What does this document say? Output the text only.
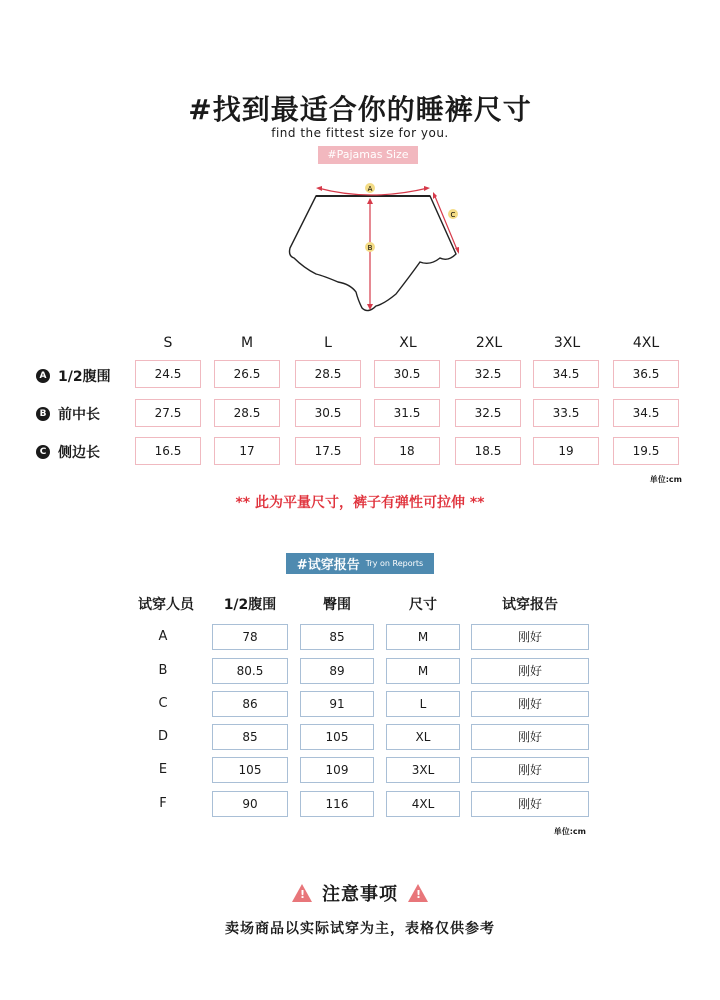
#找到最适合你的睡裤尺寸
find the fittest size for you.
#Pajamas Size
A
B
C
S	M	L	XL	2XL	3XL	4XL
A 1/2腹围	24.5	26.5	28.5	30.5	32.5	34.5	36.5
B 前中长	27.5	28.5	30.5	31.5	32.5	33.5	34.5
C 侧边长	16.5	17	17.5	18	18.5	19	19.5
单位:cm
** 此为平量尺寸，裤子有弹性可拉伸 **
#试穿报告 Try on Reports
试穿人员	1/2腹围	臀围	尺寸	试穿报告
A	78	85	M	刚好
B	80.5	89	M	刚好
C	86	91	L	刚好
D	85	105	XL	刚好
E	105	109	3XL	刚好
F	90	116	4XL	刚好
单位:cm
!
注意事项
!
卖场商品以实际试穿为主，表格仅供参考
